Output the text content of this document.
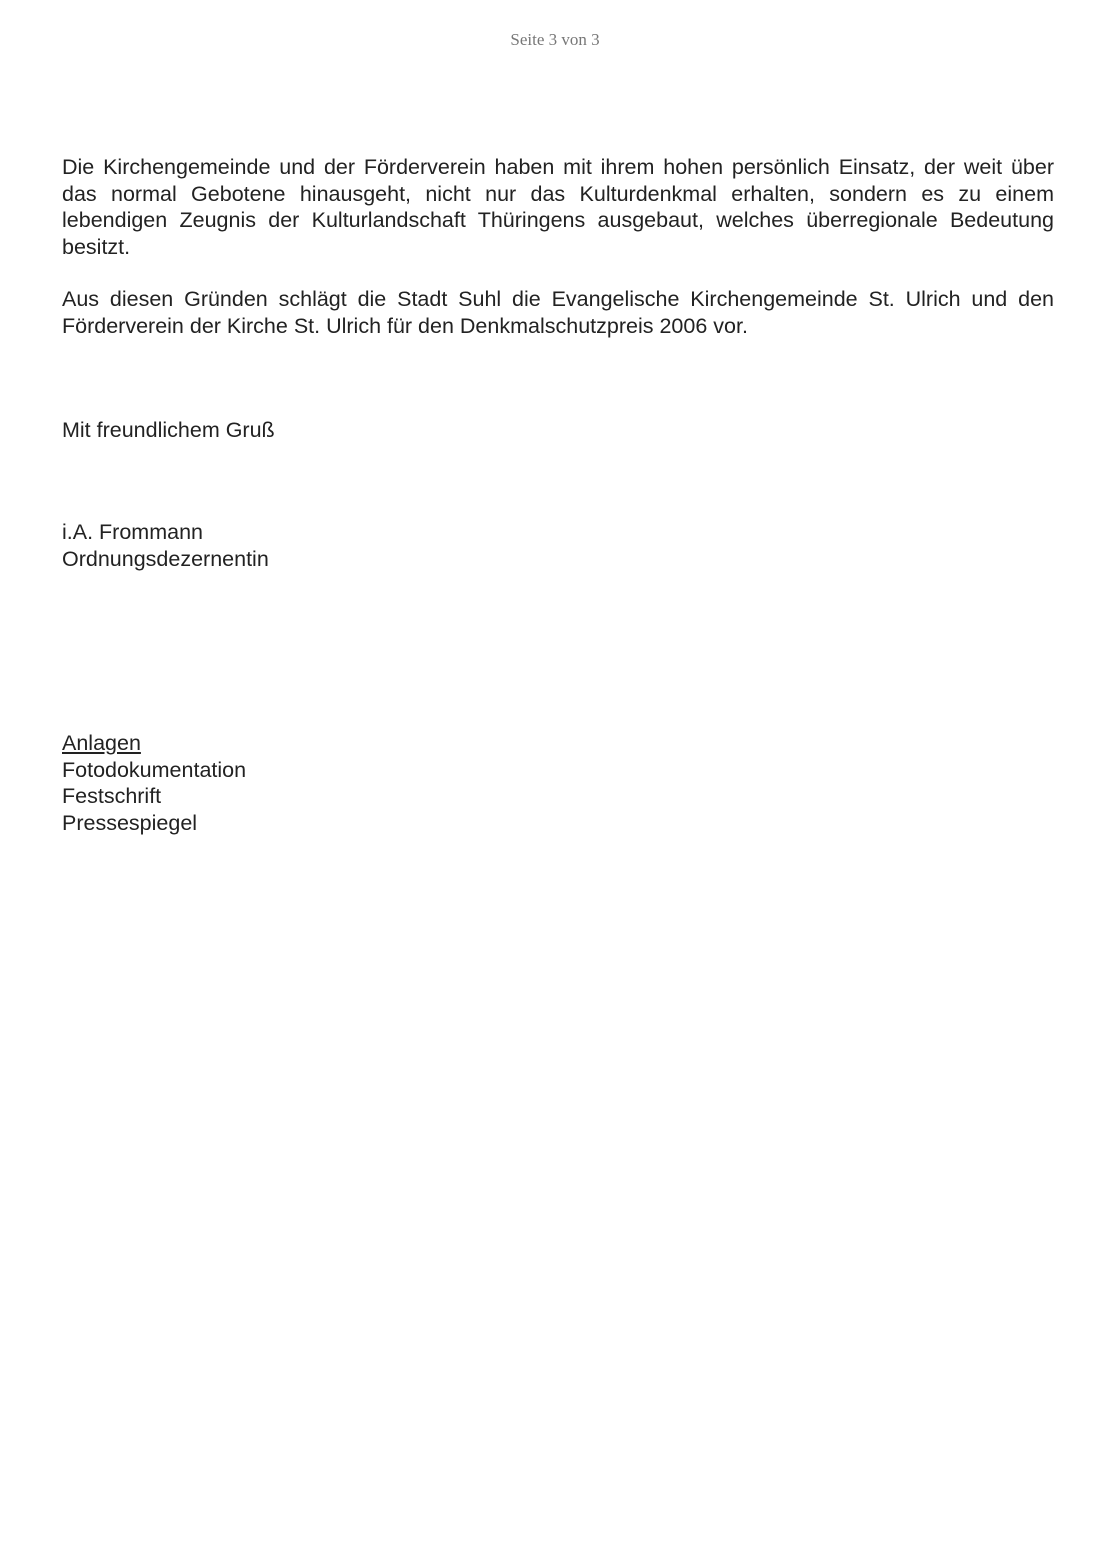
Seite 3 von 3
Die Kirchengemeinde und der Förderverein haben mit ihrem hohen persönlich Einsatz, der weit über das normal Gebotene hinausgeht, nicht nur das Kulturdenkmal erhalten, sondern es zu einem lebendigen Zeugnis der Kulturlandschaft Thüringens ausgebaut, welches überregionale Bedeutung besitzt.
Aus diesen Gründen schlägt die Stadt Suhl die Evangelische Kirchengemeinde St. Ulrich und den Förderverein der Kirche St. Ulrich für den Denkmalschutzpreis 2006 vor.
Mit freundlichem Gruß
i.A. Frommann
Ordnungsdezernentin
Anlagen
Fotodokumentation
Festschrift
Pressespiegel
